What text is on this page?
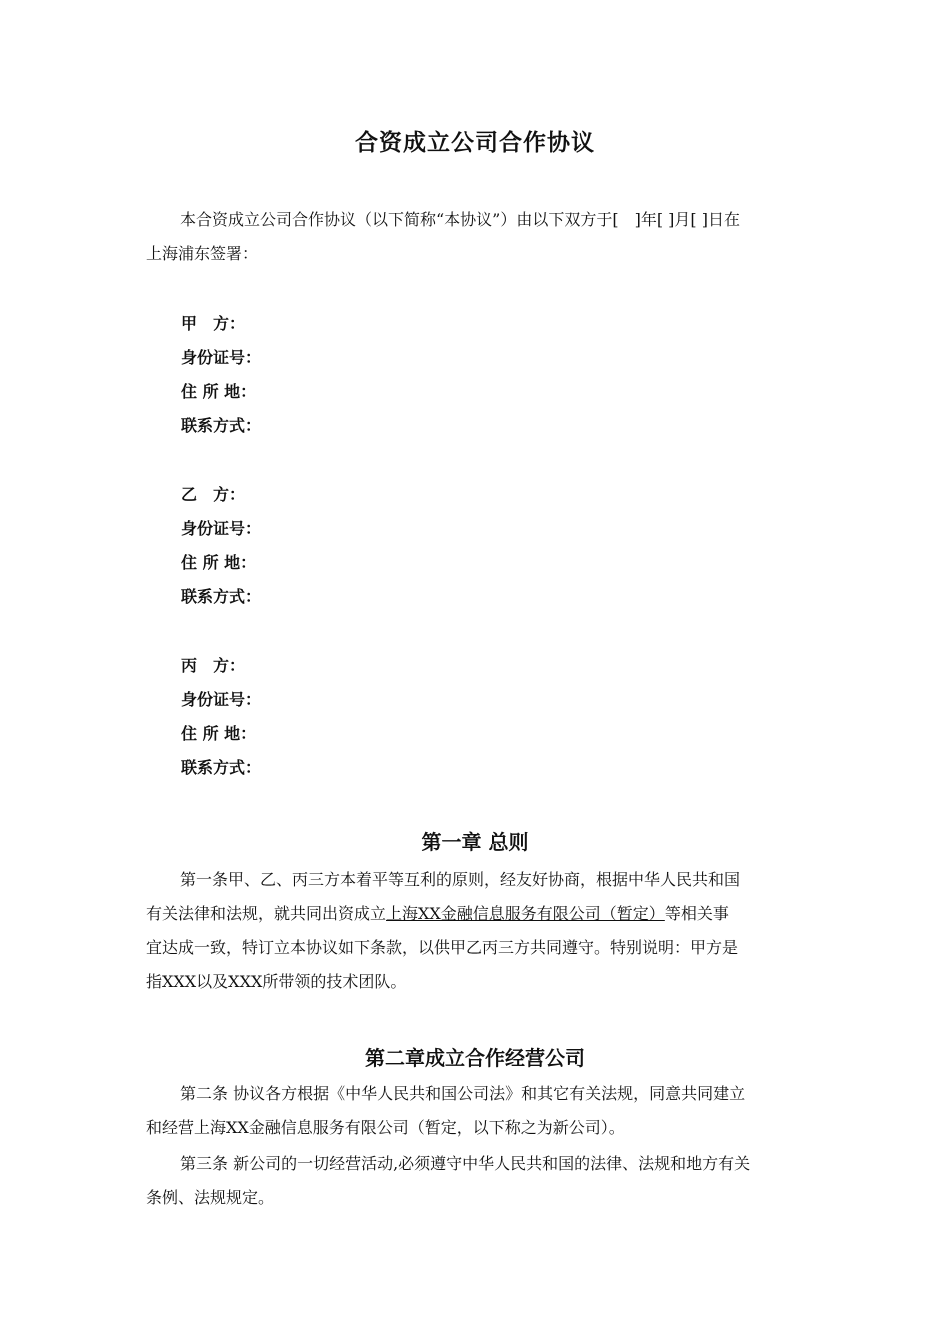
合资成立公司合作协议
本合资成立公司合作协议（以下简称“本协议”）由以下双方于[　]年[ ]月[ ]日在
上海浦东签署：
甲　方：
身份证号：
住 所 地：
联系方式：
乙　方：
身份证号：
住 所 地：
联系方式：
丙　方：
身份证号：
住 所 地：
联系方式：
第一章 总则
第一条甲、乙、丙三方本着平等互利的原则，经友好协商，根据中华人民共和国
有关法律和法规，就共同出资成立上海XX金融信息服务有限公司（暂定）等相关事
宜达成一致，特订立本协议如下条款，以供甲乙丙三方共同遵守。特别说明：甲方是
指XXX以及XXX所带领的技术团队。
第二章成立合作经营公司
第二条 协议各方根据《中华人民共和国公司法》和其它有关法规，同意共同建立
和经营上海XX金融信息服务有限公司（暂定，以下称之为新公司）。
第三条 新公司的一切经营活动,必须遵守中华人民共和国的法律、法规和地方有关
条例、法规规定。
